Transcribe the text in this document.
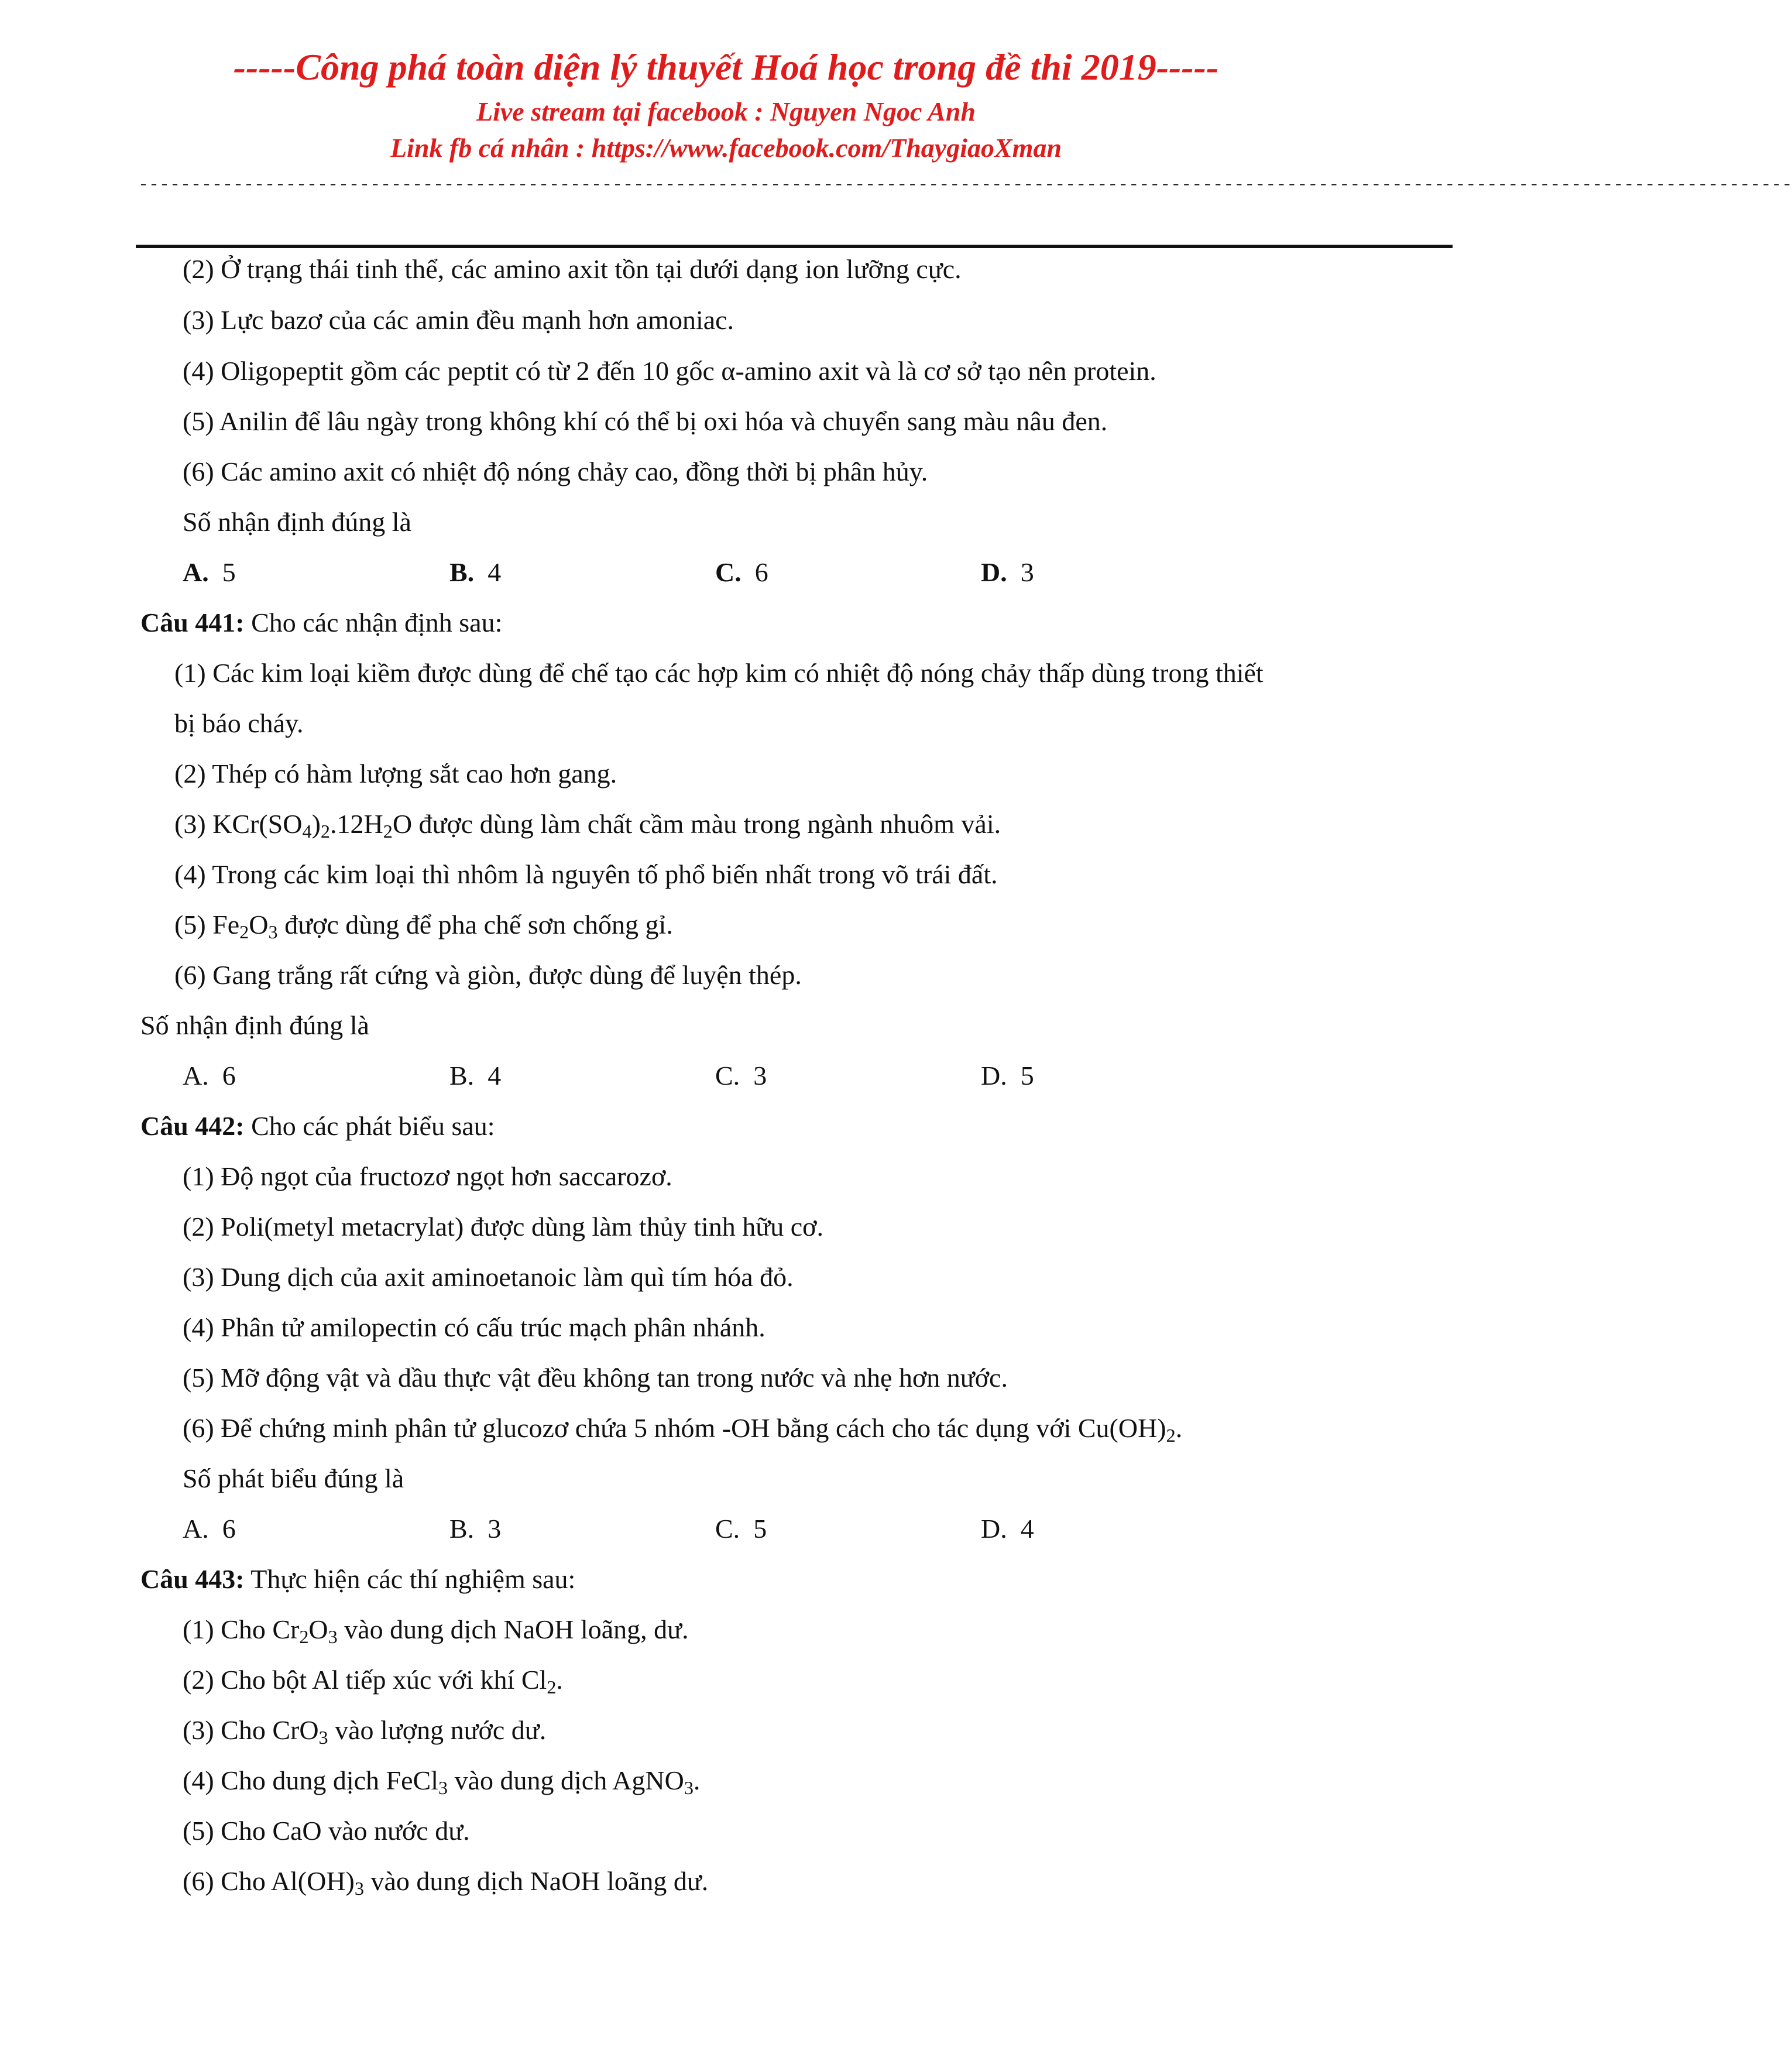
-----Công phá toàn diện lý thuyết Hoá học trong đề thi 2019-----
Live stream tại facebook : Nguyen Ngoc Anh
Link fb cá nhân : https://www.facebook.com/ThaygiaoXman
-------------------------------------------------------------------------------------------------------------------------------------------------------------
(2) Ở trạng thái tinh thể, các amino axit tồn tại dưới dạng ion lưỡng cực.
(3) Lực bazơ của các amin đều mạnh hơn amoniac.
(4) Oligopeptit gồm các peptit có từ 2 đến 10 gốc α-amino axit và là cơ sở tạo nên protein.
(5) Anilin để lâu ngày trong không khí có thể bị oxi hóa và chuyển sang màu nâu đen.
(6) Các amino axit có nhiệt độ nóng chảy cao, đồng thời bị phân hủy.
Số nhận định đúng là
A. 5	B. 4	C. 6	D. 3
Câu 441: Cho các nhận định sau:
(1) Các kim loại kiềm được dùng để chế tạo các hợp kim có nhiệt độ nóng chảy thấp dùng trong thiết
bị báo cháy.
(2) Thép có hàm lượng sắt cao hơn gang.
(3) $KCr(SO_4)_2.12H_2O$ được dùng làm chất cầm màu trong ngành nhuôm vải.
(4) Trong các kim loại thì nhôm là nguyên tố phổ biến nhất trong võ trái đất.
(5) $Fe_2O_3$ được dùng để pha chế sơn chống gỉ.
(6) Gang trắng rất cứng và giòn, được dùng để luyện thép.
Số nhận định đúng là
A. 6	B. 4	C. 3	D. 5
Câu 442: Cho các phát biểu sau:
(1) Độ ngọt của fructozơ ngọt hơn saccarozơ.
(2) Poli(metyl metacrylat) được dùng làm thủy tinh hữu cơ.
(3) Dung dịch của axit aminoetanoic làm quì tím hóa đỏ.
(4) Phân tử amilopectin có cấu trúc mạch phân nhánh.
(5) Mỡ động vật và dầu thực vật đều không tan trong nước và nhẹ hơn nước.
(6) Để chứng minh phân tử glucozơ chứa 5 nhóm -OH bằng cách cho tác dụng với $Cu(OH)_2$.
Số phát biểu đúng là
A. 6	B. 3	C. 5	D. 4
Câu 443: Thực hiện các thí nghiệm sau:
(1) Cho $Cr_2O_3$ vào dung dịch NaOH loãng, dư.
(2) Cho bột Al tiếp xúc với khí $Cl_2$.
(3) Cho CrO$_3$ vào lượng nước dư.
(4) Cho dung dịch FeCl$_3$ vào dung dịch AgNO$_3$.
(5) Cho CaO vào nước dư.
(6) Cho $Al(OH)_3$ vào dung dịch NaOH loãng dư.
